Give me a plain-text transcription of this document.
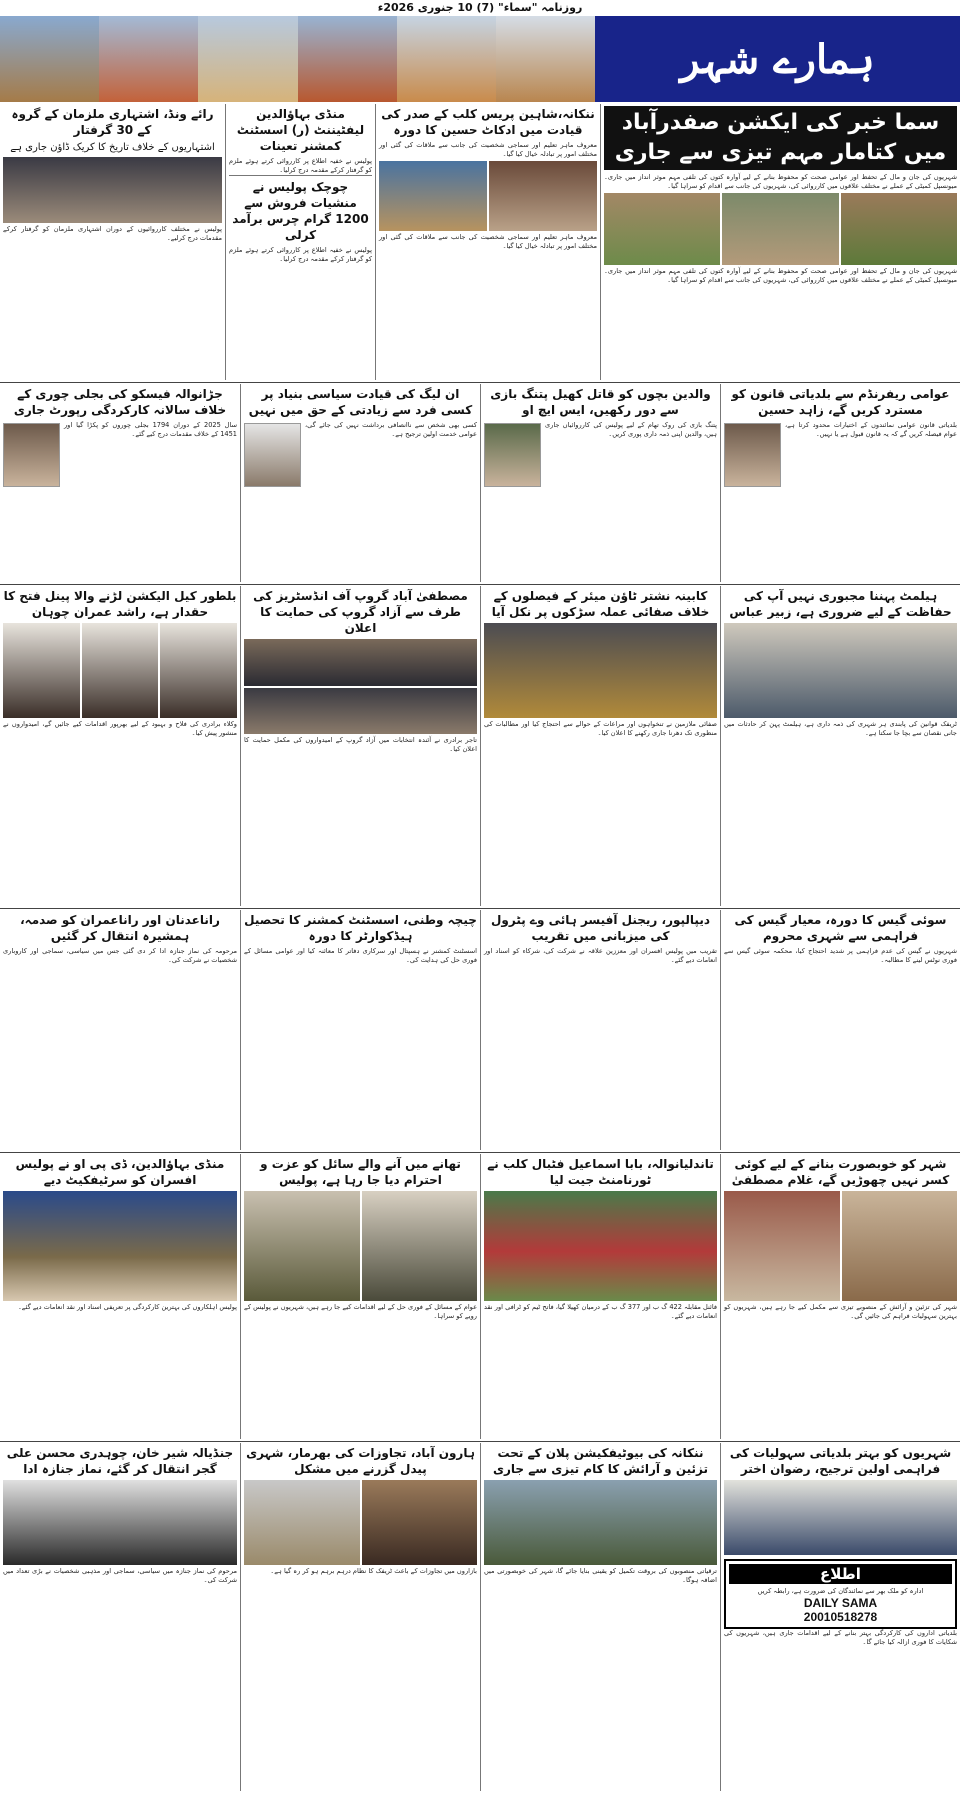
روزنامہ "سماء" (7) 10 جنوری 2026ء
ہمارے شہر
سما خبر کی ایکشن صفدرآباد میں کتامار مہم تیزی سے جاری
شہریوں کی جان و مال کے تحفظ اور عوامی صحت کو محفوظ بنانے کے لیے آوارہ کتوں کی تلفی مہم موثر انداز میں جاری۔ میونسپل کمیٹی کے عملے نے مختلف علاقوں میں کارروائی کی، شہریوں کی جانب سے اقدام کو سراہا گیا۔
شہریوں کی جان و مال کے تحفظ اور عوامی صحت کو محفوظ بنانے کے لیے آوارہ کتوں کی تلفی مہم موثر انداز میں جاری۔ میونسپل کمیٹی کے عملے نے مختلف علاقوں میں کارروائی کی، شہریوں کی جانب سے اقدام کو سراہا گیا۔
ننکانہ،شاہین پریس کلب کے صدر کی قیادت میں ادکاٹ حسین کا دورہ
معروف ماہر تعلیم اور سماجی شخصیت کی جانب سے ملاقات کی گئی اور مختلف امور پر تبادلہ خیال کیا گیا۔
معروف ماہر تعلیم اور سماجی شخصیت کی جانب سے ملاقات کی گئی اور مختلف امور پر تبادلہ خیال کیا گیا۔
منڈی بہاؤالدین لیفٹیننٹ (ر) اسسٹنٹ کمشنر تعینات
پولیس نے خفیہ اطلاع پر کارروائی کرتے ہوئے ملزم کو گرفتار کرکے مقدمہ درج کرلیا۔
چوچک پولیس نے منشیات فروش سے 1200 گرام چرس برآمد کرلی
پولیس نے خفیہ اطلاع پر کارروائی کرتے ہوئے ملزم کو گرفتار کرکے مقدمہ درج کرلیا۔
رائے ونڈ، اشتہاری ملزمان کے گروہ کے 30 گرفتار
اشتہاریوں کے خلاف تاریخ کا کریک ڈاؤن جاری ہے
پولیس نے مختلف کارروائیوں کے دوران اشتہاری ملزمان کو گرفتار کرکے مقدمات درج کرلیے۔
عوامی ریفرنڈم سے بلدیاتی قانون کو مسترد کریں گے، زاہد حسین
بلدیاتی قانون عوامی نمائندوں کے اختیارات محدود کرتا ہے، عوام فیصلہ کریں گے کہ یہ قانون قبول ہے یا نہیں۔
والدین بچوں کو قاتل کھیل پتنگ بازی سے دور رکھیں، ایس ایچ او
پتنگ بازی کی روک تھام کے لیے پولیس کی کارروائیاں جاری ہیں، والدین اپنی ذمہ داری پوری کریں۔
ان لیگ کی قیادت سیاسی بنیاد پر کسی فرد سے زیادتی کے حق میں نہیں
کسی بھی شخص سے ناانصافی برداشت نہیں کی جائے گی، عوامی خدمت اولین ترجیح ہے۔
جڑانوالہ فیسکو کی بجلی چوری کے خلاف سالانہ کارکردگی رپورٹ جاری
سال 2025 کے دوران 1794 بجلی چوروں کو پکڑا گیا اور 1451 کے خلاف مقدمات درج کیے گئے۔
ہیلمٹ پہننا مجبوری نہیں آپ کی حفاظت کے لیے ضروری ہے، زبیر عباس
ٹریفک قوانین کی پابندی ہر شہری کی ذمہ داری ہے، ہیلمٹ پہن کر حادثات میں جانی نقصان سے بچا جا سکتا ہے۔
کابینہ نشتر ٹاؤن میئر کے فیصلوں کے خلاف صفائی عملہ سڑکوں پر نکل آیا
صفائی ملازمین نے تنخواہوں اور مراعات کے حوالے سے احتجاج کیا اور مطالبات کی منظوری تک دھرنا جاری رکھنے کا اعلان کیا۔
مصطفیٰ آباد گروپ آف انڈسٹریز کی طرف سے آزاد گروپ کی حمایت کا اعلان
تاجر برادری نے آئندہ انتخابات میں آزاد گروپ کے امیدواروں کی مکمل حمایت کا اعلان کیا۔
بلطور کیل الیکشن لڑنے والا پینل فتح کا حقدار ہے، راشد عمران چوہان
وکلاء برادری کی فلاح و بہبود کے لیے بھرپور اقدامات کیے جائیں گے، امیدواروں نے منشور پیش کیا۔
سوئی گیس کا دورہ، معیار گیس کی فراہمی سے شہری محروم
شہریوں نے گیس کی عدم فراہمی پر شدید احتجاج کیا، محکمہ سوئی گیس سے فوری نوٹس لینے کا مطالبہ۔
دیپالپور، ریجنل آفیسر ہائی وے پٹرول کی میزبانی میں تقریب
تقریب میں پولیس افسران اور معززین علاقہ نے شرکت کی، شرکاء کو اسناد اور انعامات دیے گئے۔
چیچہ وطنی، اسسٹنٹ کمشنر کا تحصیل ہیڈکوارٹر کا دورہ
اسسٹنٹ کمشنر نے ہسپتال اور سرکاری دفاتر کا معائنہ کیا اور عوامی مسائل کے فوری حل کی ہدایت کی۔
راناعدنان اور راناعمران کو صدمہ، ہمشیرہ انتقال کر گئیں
مرحومہ کی نماز جنازہ ادا کر دی گئی جس میں سیاسی، سماجی اور کاروباری شخصیات نے شرکت کی۔
شہر کو خوبصورت بنانے کے لیے کوئی کسر نہیں چھوڑیں گے، غلام مصطفیٰ
شہر کی تزئین و آرائش کے منصوبے تیزی سے مکمل کیے جا رہے ہیں، شہریوں کو بہترین سہولیات فراہم کی جائیں گی۔
تاندلیانوالہ، بابا اسماعیل فٹبال کلب نے ٹورنامنٹ جیت لیا
فائنل مقابلہ 422 گ ب اور 377 گ ب کے درمیان کھیلا گیا، فاتح ٹیم کو ٹرافی اور نقد انعامات دیے گئے۔
تھانے میں آنے والے سائل کو عزت و احترام دیا جا رہا ہے، پولیس
عوام کے مسائل کے فوری حل کے لیے اقدامات کیے جا رہے ہیں، شہریوں نے پولیس کے رویے کو سراہا۔
منڈی بہاؤالدین، ڈی پی او نے پولیس افسران کو سرٹیفکیٹ دیے
پولیس اہلکاروں کی بہترین کارکردگی پر تعریفی اسناد اور نقد انعامات دیے گئے۔
شہریوں کو بہتر بلدیاتی سہولیات کی فراہمی اولین ترجیح، رضوان اختر
اطلاع
ادارہ کو ملک بھر سے نمائندگان کی ضرورت ہے، رابطہ کریں
DAILY SAMA
20010518278
بلدیاتی اداروں کی کارکردگی بہتر بنانے کے لیے اقدامات جاری ہیں، شہریوں کی شکایات کا فوری ازالہ کیا جائے گا۔
ننکانہ کی بیوٹیفکیشن پلان کے تحت تزئین و آرائش کا کام تیزی سے جاری
ترقیاتی منصوبوں کی بروقت تکمیل کو یقینی بنایا جائے گا، شہر کی خوبصورتی میں اضافہ ہوگا۔
ہارون آباد، تجاوزات کی بھرمار، شہری پیدل گزرنے میں مشکل
بازاروں میں تجاوزات کے باعث ٹریفک کا نظام درہم برہم ہو کر رہ گیا ہے۔
جنڈیالہ شیر خان، چوہدری محسن علی گجر انتقال کر گئے، نماز جنازہ ادا
مرحوم کی نماز جنازہ میں سیاسی، سماجی اور مذہبی شخصیات نے بڑی تعداد میں شرکت کی۔
